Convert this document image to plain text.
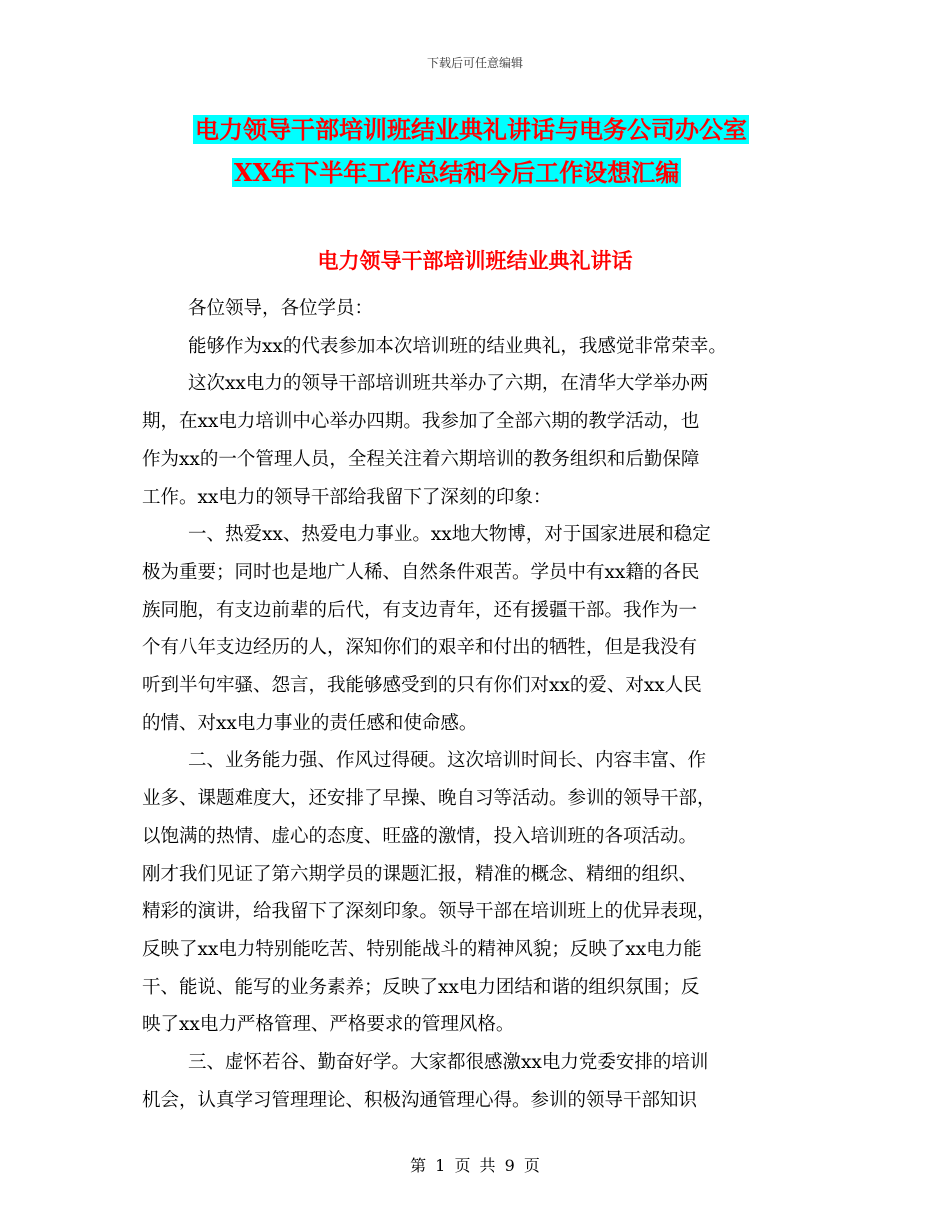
下载后可任意编辑
电力领导干部培训班结业典礼讲话与电务公司办公室
XX年下半年工作总结和今后工作设想汇编
电力领导干部培训班结业典礼讲话

各位领导，各位学员：

能够作为xx的代表参加本次培训班的结业典礼，我感觉非常荣幸。

这次xx电力的领导干部培训班共举办了六期，在清华大学举办两

期，在xx电力培训中心举办四期。我参加了全部六期的教学活动，也

作为xx的一个管理人员，全程关注着六期培训的教务组织和后勤保障

工作。xx电力的领导干部给我留下了深刻的印象：

一、热爱xx、热爱电力事业。xx地大物博，对于国家进展和稳定

极为重要；同时也是地广人稀、自然条件艰苦。学员中有xx籍的各民

族同胞，有支边前辈的后代，有支边青年，还有援疆干部。我作为一

个有八年支边经历的人，深知你们的艰辛和付出的牺牲，但是我没有

听到半句牢骚、怨言，我能够感受到的只有你们对xx的爱、对xx人民

的情、对xx电力事业的责任感和使命感。

二、业务能力强、作风过得硬。这次培训时间长、内容丰富、作

业多、课题难度大，还安排了早操、晚自习等活动。参训的领导干部，

以饱满的热情、虚心的态度、旺盛的激情，投入培训班的各项活动。

刚才我们见证了第六期学员的课题汇报，精准的概念、精细的组织、

精彩的演讲，给我留下了深刻印象。领导干部在培训班上的优异表现，

反映了xx电力特别能吃苦、特别能战斗的精神风貌；反映了xx电力能

干、能说、能写的业务素养；反映了xx电力团结和谐的组织氛围；反

映了xx电力严格管理、严格要求的管理风格。

三、虚怀若谷、勤奋好学。大家都很感激xx电力党委安排的培训

机会，认真学习管理理论、积极沟通管理心得。参训的领导干部知识

第 1 页 共 9 页
